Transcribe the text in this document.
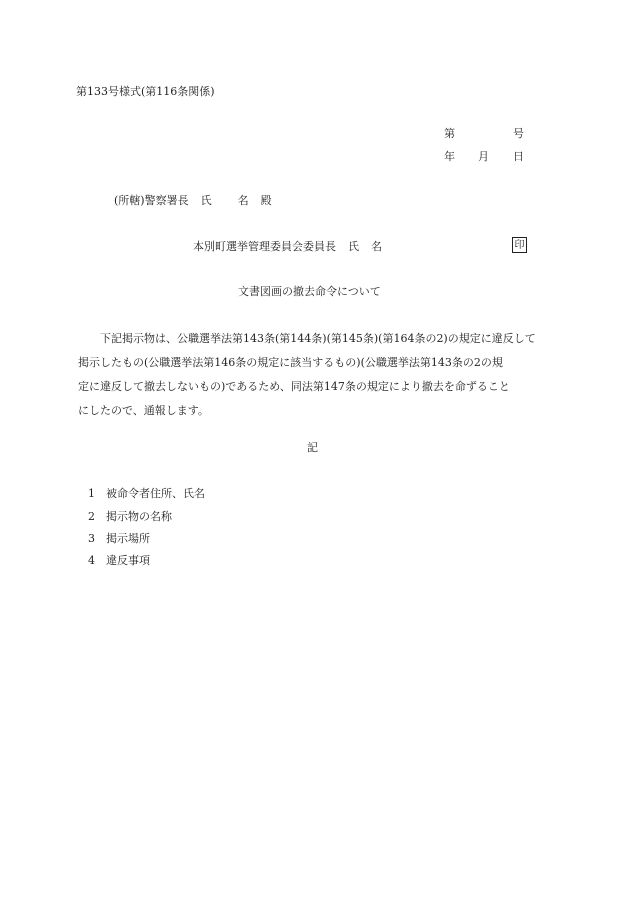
第133号様式(第116条関係)
第	号
年 月 日
(所轄)警察署長 氏 名 殿
本別町選挙管理委員会委員長 氏 名	印
文書図画の撤去命令について

下記掲示物は、公職選挙法第143条(第144条)(第145条)(第164条の2)の規定に違反して

掲示したもの(公職選挙法第146条の規定に該当するもの)(公職選挙法第143条の2の規

定に違反して撤去しないもの)であるため、同法第147条の規定により撤去を命ずること

にしたので、通報します。

記
1 被命令者住所、氏名
2 掲示物の名称
3 掲示場所
4 違反事項
